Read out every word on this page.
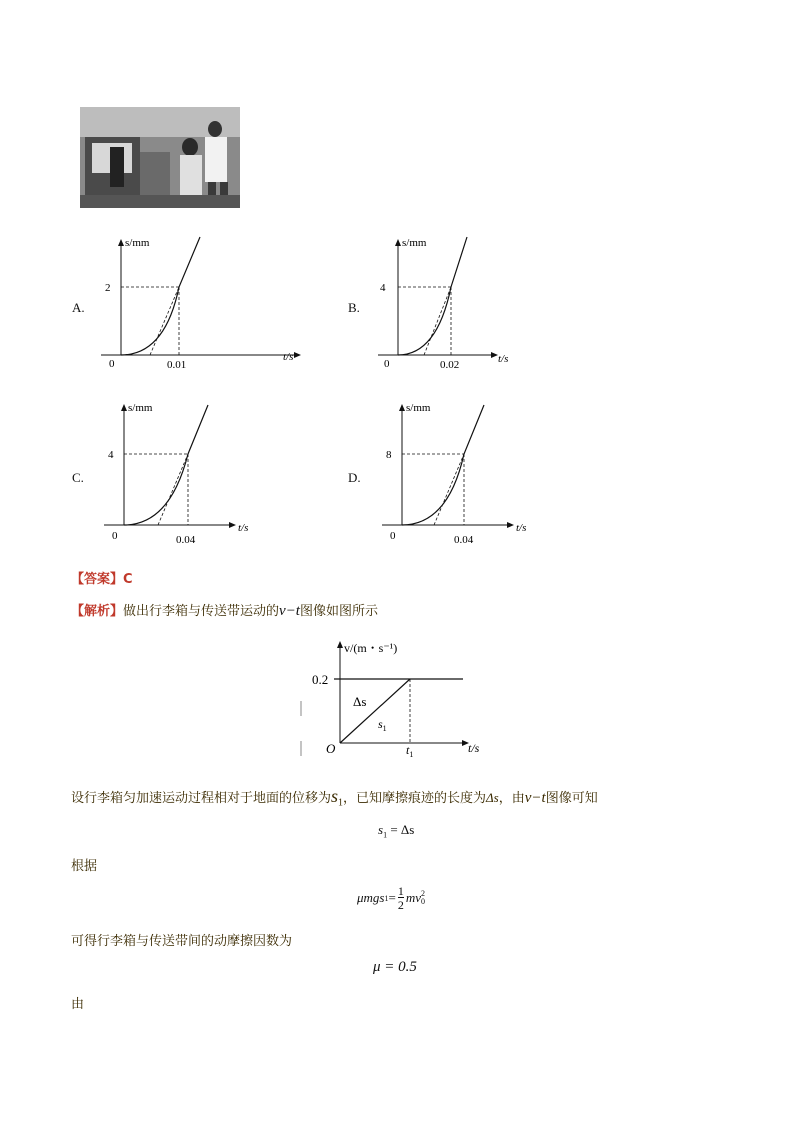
A.
s/mm
2
0	0.01
t/s
B.
s/mm
4
0	0.02	t/s
C.
s/mm
4
0	0.04
t/s
D.
s/mm
8
0	0.04
t/s
【答案】C
【解析】做出行李箱与传送带运动的v−t图像如图所示
v/(m・s⁻¹)
0.2
O	$t_1$	t/s
Δs
$s_1$
设行李箱匀加速运动过程相对于地面的位移为$s_1$，已知摩擦痕迹的长度为Δs，由v−t图像可知
$s_1 = \Delta s$
根据
μmgs $1 = \frac{1}{2}$ mv 2
0
可得行李箱与传送带间的动摩擦因数为
μ = 0.5
由
